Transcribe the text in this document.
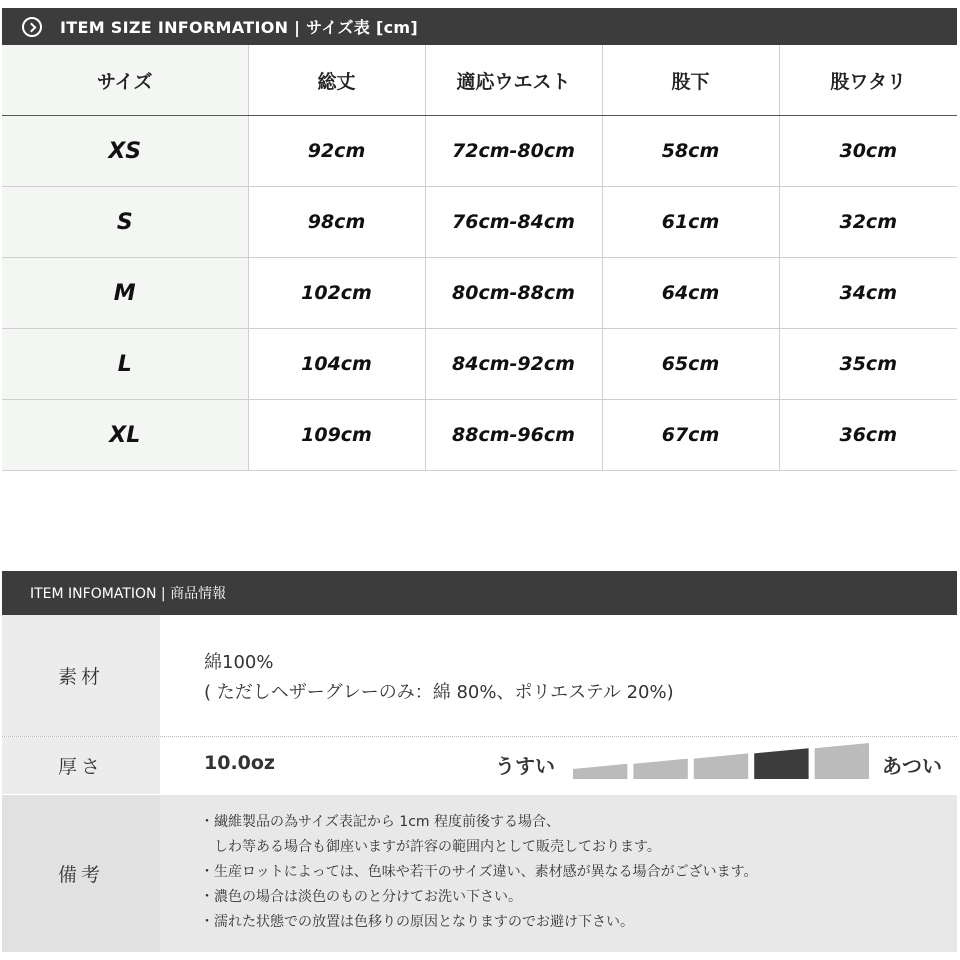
ITEM SIZE INFORMATION | サイズ表 [cm]
サイズ	総丈	適応ウエスト	股下	股ワタリ
XS	92cm	72cm-80cm	58cm	30cm
S	98cm	76cm-84cm	61cm	32cm
M	102cm	80cm-88cm	64cm	34cm
L	104cm	84cm-92cm	65cm	35cm
XL	109cm	88cm-96cm	67cm	36cm
ITEM INFOMATION | 商品情報
素材
綿100%
( ただしヘザーグレーのみ：綿 80%、ポリエステル 20%)
厚さ	10.0oz	うすい	あつい
備考
・繊維製品の為サイズ表記から 1cm 程度前後する場合、
　しわ等ある場合も御座いますが許容の範囲内として販売しております。
・生産ロットによっては、色味や若干のサイズ違い、素材感が異なる場合がございます。
・濃色の場合は淡色のものと分けてお洗い下さい。
・濡れた状態での放置は色移りの原因となりますのでお避け下さい。
